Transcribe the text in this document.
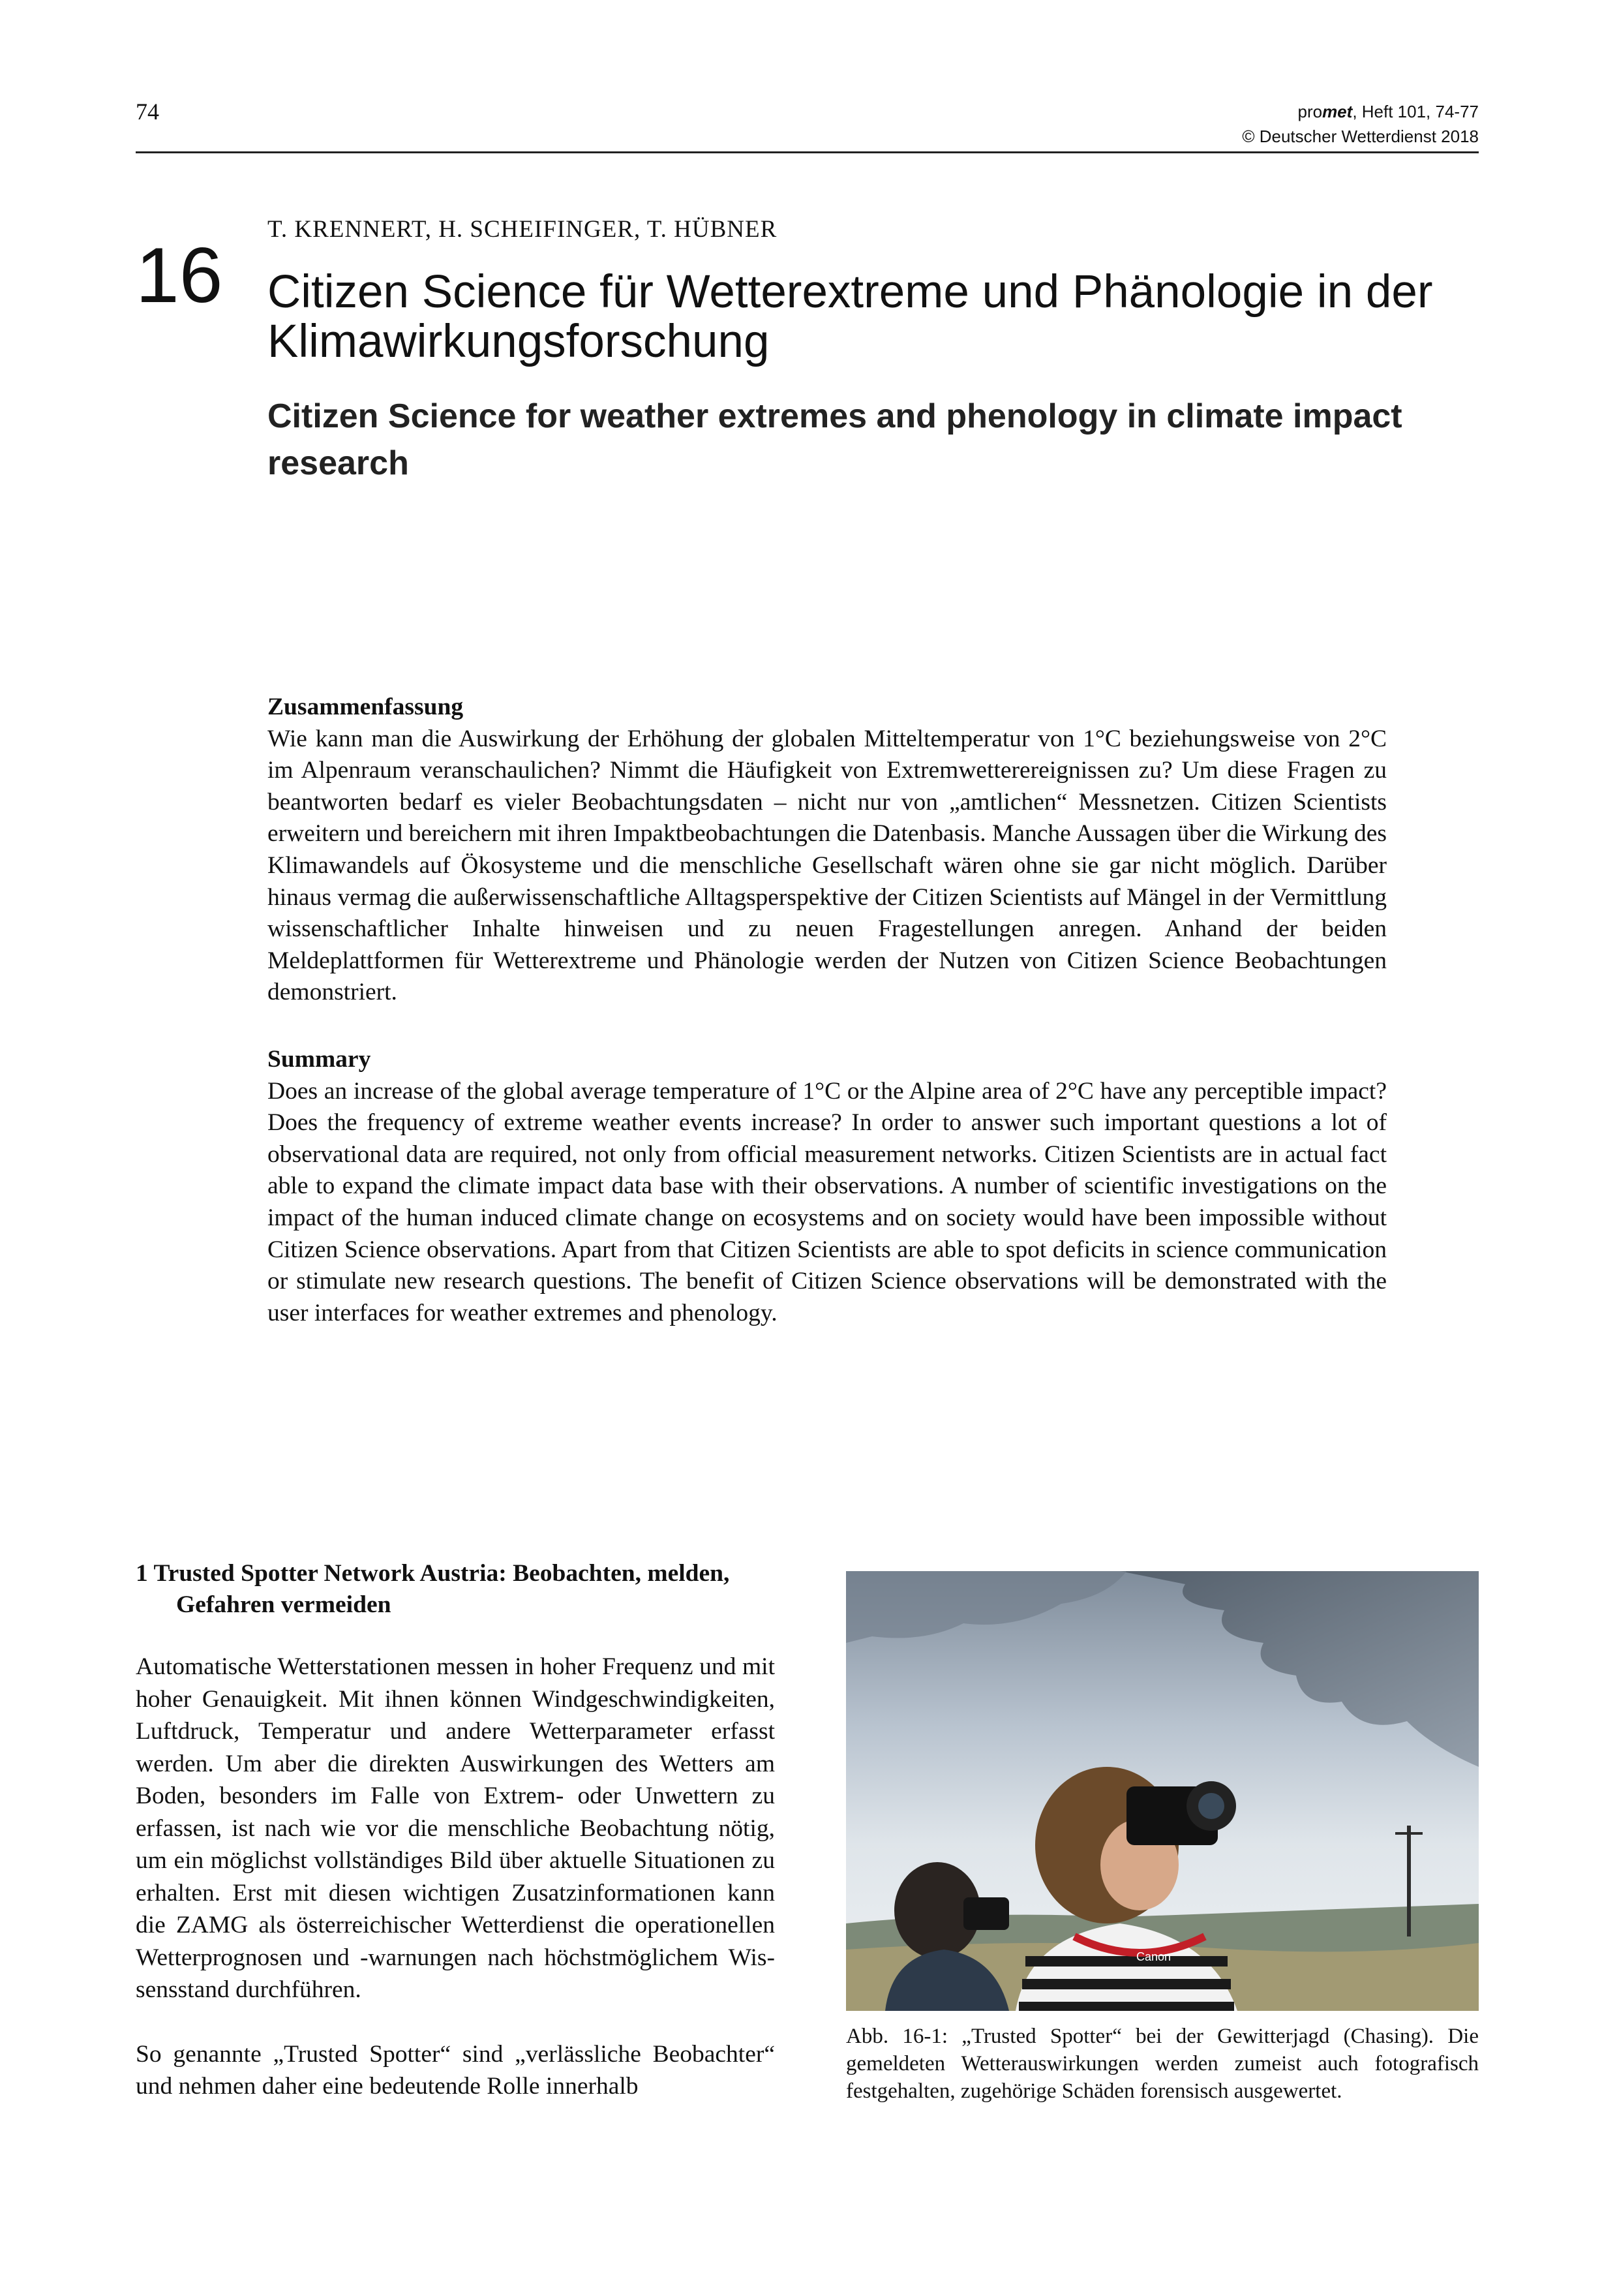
74	promet, Heft 101, 74-77
© Deutscher Wetterdienst 2018
16
T. KRENNERT, H. SCHEIFINGER, T. HÜBNER
Citizen Science für Wetterextreme und Phänologie in der Klimawirkungsforschung
Citizen Science for weather extremes and phenology in climate impact research
Zusammenfassung

Wie kann man die Auswirkung der Erhöhung der globalen Mitteltemperatur von 1°C beziehungsweise von 2°C im Alpenraum veranschaulichen? Nimmt die Häufigkeit von Extremwetterereignissen zu? Um diese Fragen zu beantworten bedarf es vieler Beobachtungsdaten – nicht nur von „amtlichen“ Messnetzen. Citizen Scientists erweitern und bereichern mit ihren Impaktbeobachtungen die Datenbasis. Manche Aussagen über die Wirkung des Klimawandels auf Ökosysteme und die menschliche Gesellschaft wären ohne sie gar nicht möglich. Darüber hinaus vermag die außerwissenschaftliche Alltagsperspektive der Citizen Scientists auf Mängel in der Vermittlung wissenschaftlicher Inhalte hinweisen und zu neuen Fragestellungen anregen. Anhand der beiden Meldeplattformen für Wetterextreme und Phänologie werden der Nutzen von Citizen Science Beobachtungen demonstriert.

Summary

Does an increase of the global average temperature of 1°C or the Alpine area of 2°C have any perceptible impact? Does the frequency of extreme weather events increase? In order to answer such important questions a lot of observational data are required, not only from official measurement networks. Citizen Scientists are in actual fact able to expand the climate impact data base with their observations. A number of scientific investigations on the impact of the human induced climate change on ecosystems and on society would have been impossible without Citizen Science observations. Apart from that Citizen Scientists are able to spot deficits in science communication or stimulate new research questions. The benefit of Citizen Science observations will be demonstrated with the user interfaces for weather extremes and phenology.

1 Trusted Spotter Network Austria: Beobachten, melden, Gefahren vermeiden

Automatische Wetterstationen messen in hoher Frequenz und mit hoher Genauigkeit. Mit ihnen können Windgeschwindigkeiten, Luftdruck, Temperatur und andere Wetterparameter erfasst werden. Um aber die direkten Auswirkungen des Wetters am Boden, besonders im Falle von Extrem- oder Unwettern zu erfassen, ist nach wie vor die menschliche Beobachtung nötig, um ein möglichst vollständiges Bild über aktuelle Situationen zu erhalten. Erst mit diesen wichtigen Zusatzinformationen kann die ZAMG als österreichischer Wetterdienst die operationellen Wetterprognosen und -warnungen nach höchstmöglichem Wissensstand durchführen.

So genannte „Trusted Spotter“ sind „verlässliche Beobachter“ und nehmen daher eine bedeutende Rolle innerhalb

Canon
Abb. 16-1: „Trusted Spotter“ bei der Gewitterjagd (Chasing). Die gemeldeten Wetterauswirkungen werden zumeist auch fotografisch festgehalten, zugehörige Schäden forensisch ausgewertet.
